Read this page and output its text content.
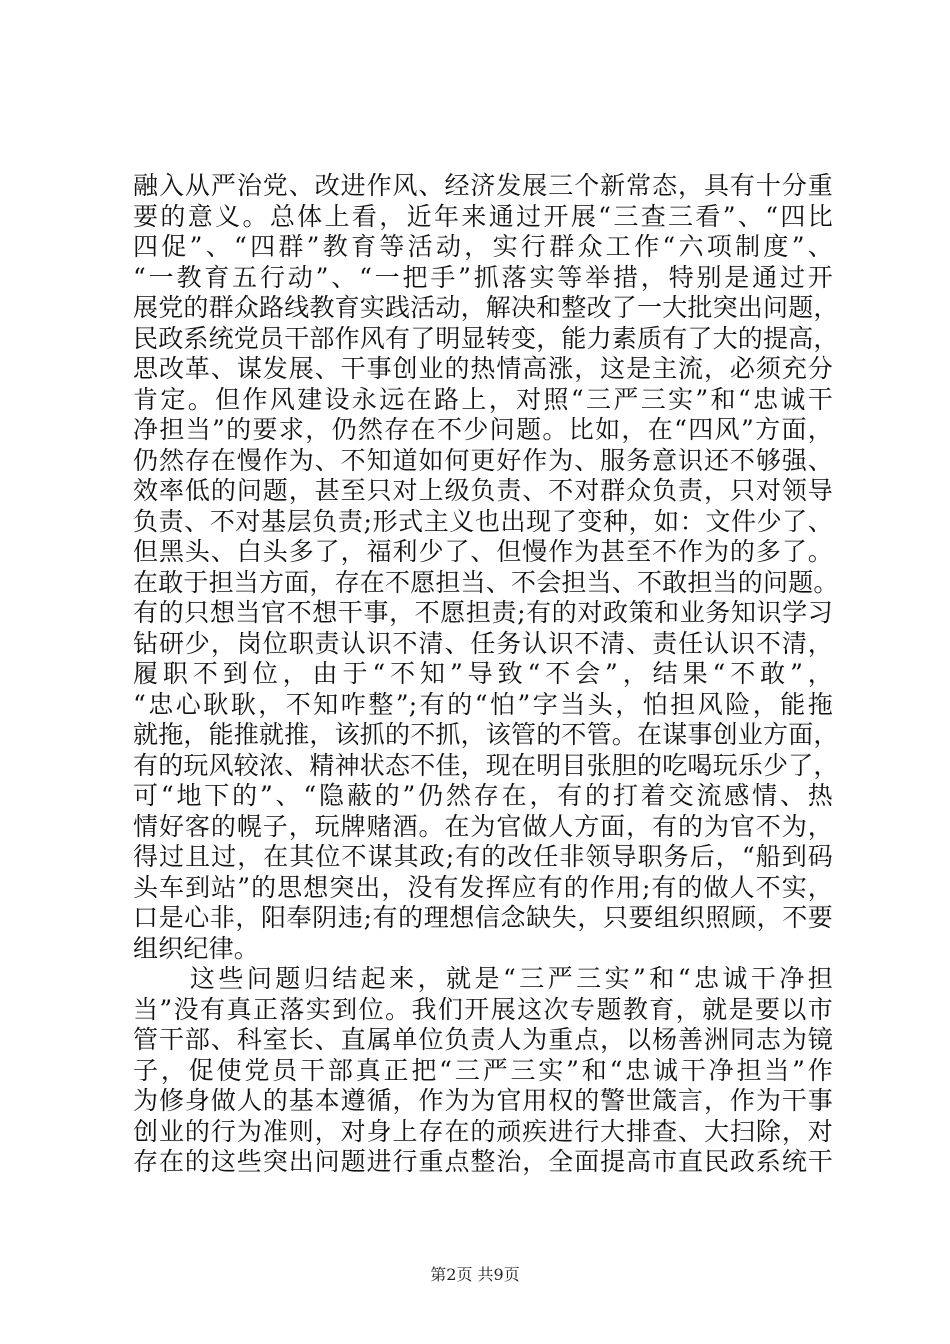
融入从严治党、改进作风、经济发展三个新常态，具有十分重
要的意义。总体上看，近年来通过开展“三查三看”、“四比
四促”、“四群”教育等活动，实行群众工作“六项制度”、
“一教育五行动”、“一把手”抓落实等举措，特别是通过开
展党的群众路线教育实践活动，解决和整改了一大批突出问题，
民政系统党员干部作风有了明显转变，能力素质有了大的提高，
思改革、谋发展、干事创业的热情高涨，这是主流，必须充分
肯定。但作风建设永远在路上，对照“三严三实”和“忠诚干
净担当”的要求，仍然存在不少问题。比如，在“四风”方面，
仍然存在慢作为、不知道如何更好作为、服务意识还不够强、
效率低的问题，甚至只对上级负责、不对群众负责，只对领导
负责、不对基层负责;形式主义也出现了变种，如：文件少了、
但黑头、白头多了，福利少了、但慢作为甚至不作为的多了。
在敢于担当方面，存在不愿担当、不会担当、不敢担当的问题。
有的只想当官不想干事，不愿担责;有的对政策和业务知识学习
钻研少，岗位职责认识不清、任务认识不清、责任认识不清，
履职不到位，由于“不知”导致“不会”，结果“不敢”，
“忠心耿耿，不知咋整”;有的“怕”字当头，怕担风险，能拖
就拖，能推就推，该抓的不抓，该管的不管。在谋事创业方面，
有的玩风较浓、精神状态不佳，现在明目张胆的吃喝玩乐少了，
可“地下的”、“隐蔽的”仍然存在，有的打着交流感情、热
情好客的幌子，玩牌赌酒。在为官做人方面，有的为官不为，
得过且过，在其位不谋其政;有的改任非领导职务后，“船到码
头车到站”的思想突出，没有发挥应有的作用;有的做人不实，
口是心非，阳奉阴违;有的理想信念缺失，只要组织照顾，不要
组织纪律。
　　这些问题归结起来，就是“三严三实”和“忠诚干净担
当”没有真正落实到位。我们开展这次专题教育，就是要以市
管干部、科室长、直属单位负责人为重点，以杨善洲同志为镜
子，促使党员干部真正把“三严三实”和“忠诚干净担当”作
为修身做人的基本遵循，作为为官用权的警世箴言，作为干事
创业的行为准则，对身上存在的顽疾进行大排查、大扫除，对
存在的这些突出问题进行重点整治，全面提高市直民政系统干
第2页 共9页
